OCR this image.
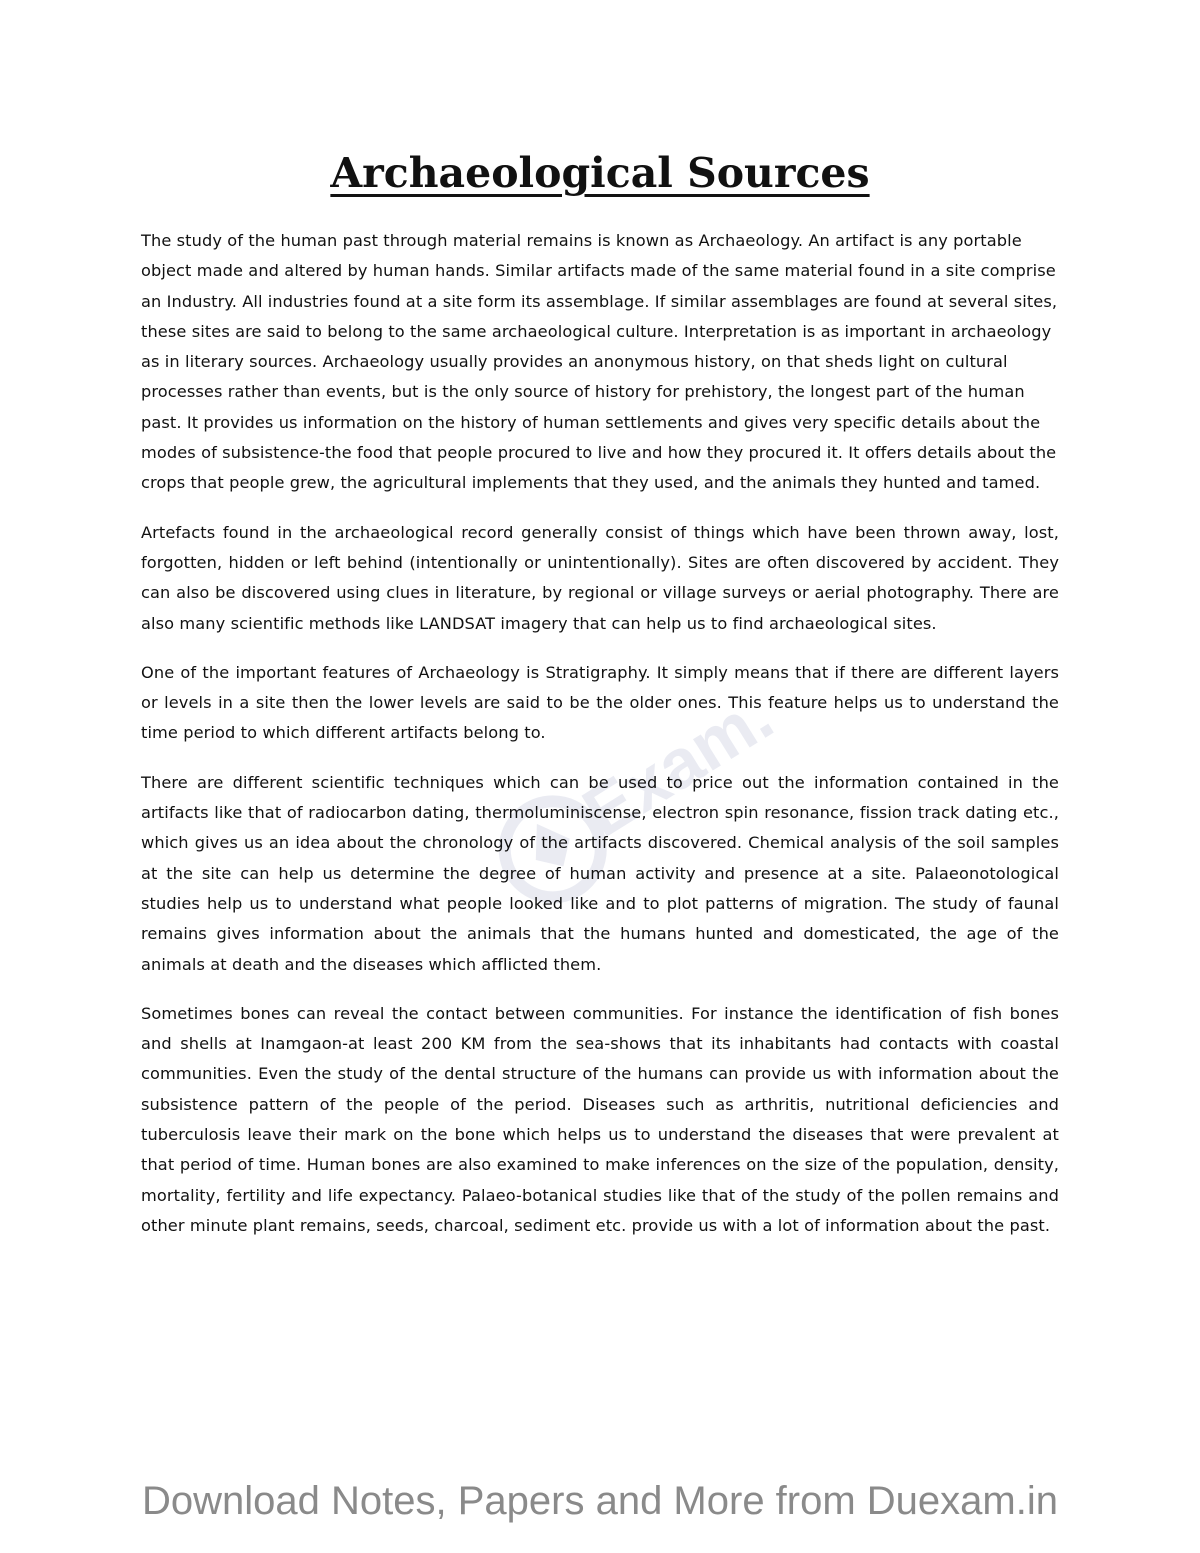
Archaeological Sources
Exam.

The study of the human past through material remains is known as Archaeology. An artifact is any portable object made and altered by human hands. Similar artifacts made of the same material found in a site comprise an Industry. All industries found at a site form its assemblage. If similar assemblages are found at several sites, these sites are said to belong to the same archaeological culture. Interpretation is as important in archaeology as in literary sources. Archaeology usually provides an anonymous history, on that sheds light on cultural processes rather than events, but is the only source of history for prehistory, the longest part of the human past. It provides us information on the history of human settlements and gives very specific details about the modes of subsistence-the food that people procured to live and how they procured it. It offers details about the crops that people grew, the agricultural implements that they used, and the animals they hunted and tamed.

Artefacts found in the archaeological record generally consist of things which have been thrown away, lost, forgotten, hidden or left behind (intentionally or unintentionally). Sites are often discovered by accident. They can also be discovered using clues in literature, by regional or village surveys or aerial photography. There are also many scientific methods like LANDSAT imagery that can help us to find archaeological sites.

One of the important features of Archaeology is Stratigraphy. It simply means that if there are different layers or levels in a site then the lower levels are said to be the older ones. This feature helps us to understand the time period to which different artifacts belong to.

There are different scientific techniques which can be used to price out the information contained in the artifacts like that of radiocarbon dating, thermoluminiscense, electron spin resonance, fission track dating etc., which gives us an idea about the chronology of the artifacts discovered. Chemical analysis of the soil samples at the site can help us determine the degree of human activity and presence at a site. Palaeonotological studies help us to understand what people looked like and to plot patterns of migration. The study of faunal remains gives information about the animals that the humans hunted and domesticated, the age of the animals at death and the diseases which afflicted them.

Sometimes bones can reveal the contact between communities. For instance the identification of fish bones and shells at Inamgaon-at least 200 KM from the sea-shows that its inhabitants had contacts with coastal communities. Even the study of the dental structure of the humans can provide us with information about the subsistence pattern of the people of the period. Diseases such as arthritis, nutritional deficiencies and tuberculosis leave their mark on the bone which helps us to understand the diseases that were prevalent at that period of time. Human bones are also examined to make inferences on the size of the population, density, mortality, fertility and life expectancy. Palaeo-botanical studies like that of the study of the pollen remains and other minute plant remains, seeds, charcoal, sediment etc. provide us with a lot of information about the past.

Download Notes, Papers and More from Duexam.in
